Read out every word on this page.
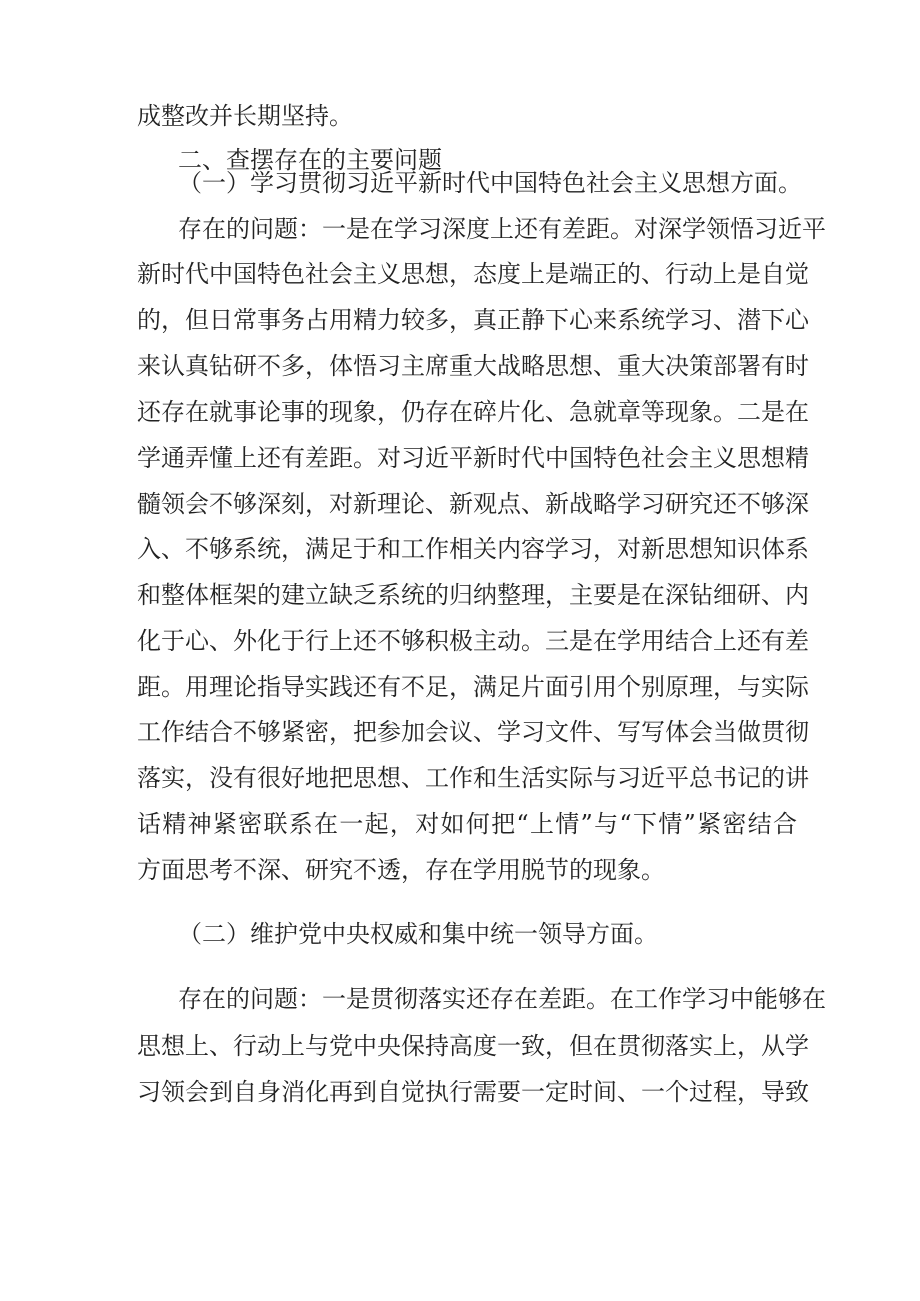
成整改并长期坚持。
二、查摆存在的主要问题
（一）学习贯彻习近平新时代中国特色社会主义思想方面。
存在的问题：一是在学习深度上还有差距。对深学领悟习近平
新时代中国特色社会主义思想，态度上是端正的、行动上是自觉
的，但日常事务占用精力较多，真正静下心来系统学习、潜下心
来认真钻研不多，体悟习主席重大战略思想、重大决策部署有时
还存在就事论事的现象，仍存在碎片化、急就章等现象。二是在
学通弄懂上还有差距。对习近平新时代中国特色社会主义思想精
髓领会不够深刻，对新理论、新观点、新战略学习研究还不够深
入、不够系统，满足于和工作相关内容学习，对新思想知识体系
和整体框架的建立缺乏系统的归纳整理，主要是在深钻细研、内
化于心、外化于行上还不够积极主动。三是在学用结合上还有差
距。用理论指导实践还有不足，满足片面引用个别原理，与实际
工作结合不够紧密，把参加会议、学习文件、写写体会当做贯彻
落实，没有很好地把思想、工作和生活实际与习近平总书记的讲
话精神紧密联系在一起，对如何把“上情”与“下情”紧密结合
方面思考不深、研究不透，存在学用脱节的现象。
（二）维护党中央权威和集中统一领导方面。
存在的问题：一是贯彻落实还存在差距。在工作学习中能够在
思想上、行动上与党中央保持高度一致，但在贯彻落实上，从学
习领会到自身消化再到自觉执行需要一定时间、一个过程，导致
